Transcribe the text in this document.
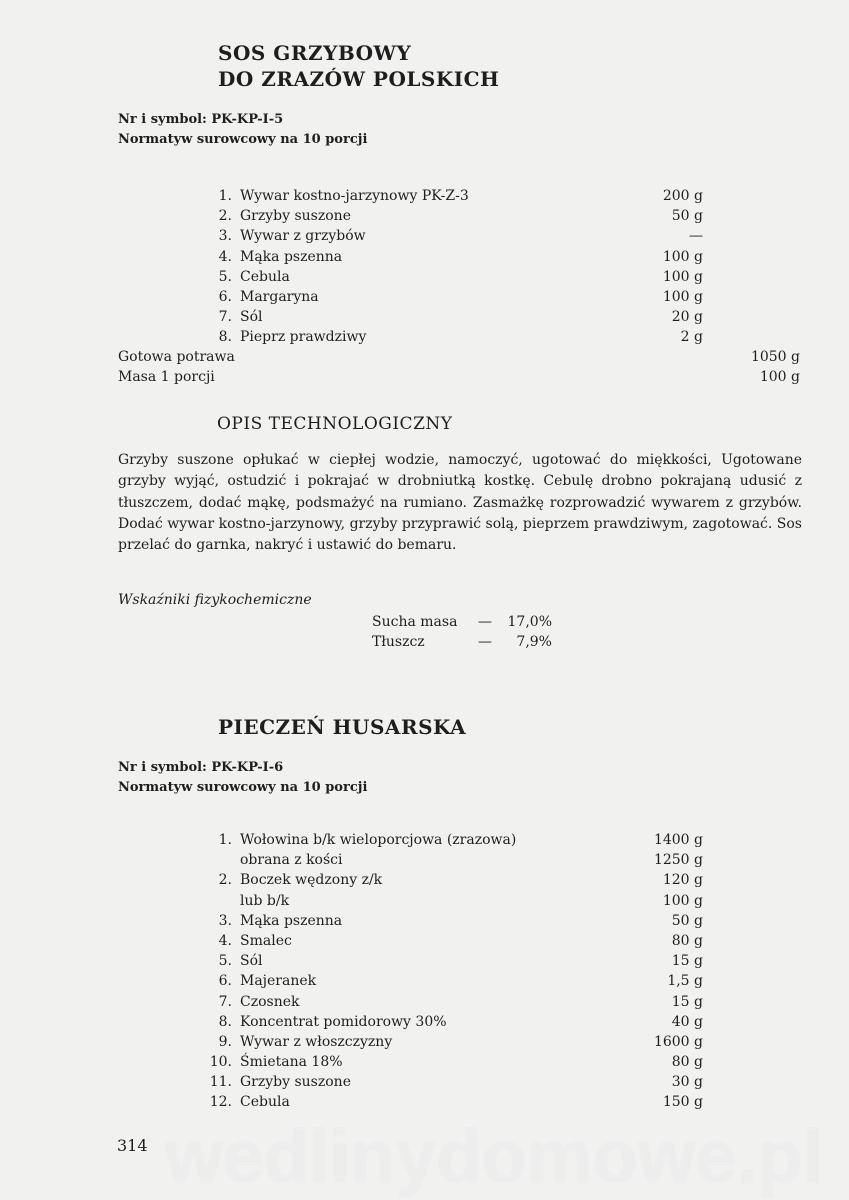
SOS GRZYBOWY
DO ZRAZÓW POLSKICH
Nr i symbol: PK-KP-I-5
Normatyw surowcowy na 10 porcji
1. Wywar kostno-jarzynowy PK-Z-3	200 g
2. Grzyby suszone	50 g
3. Wywar z grzybów	—
4. Mąka pszenna	100 g
5. Cebula	100 g
6. Margaryna	100 g
7. Sól	20 g
8. Pieprz prawdziwy	2 g
Gotowa potrawa	1050 g
Masa 1 porcji	100 g
OPIS TECHNOLOGICZNY
Grzyby suszone opłukać w ciepłej wodzie, namoczyć, ugotować do miękkości, Ugotowane grzyby wyjąć, ostudzić i pokrajać w drobniutką kostkę. Cebulę drobno pokrajaną udusić z tłuszczem, dodać mąkę, podsmażyć na rumiano. Zasmażkę rozprowadzić wywarem z grzybów. Dodać wywar kostno-jarzynowy, grzyby przyprawić solą, pieprzem prawdziwym, zagotować. Sos przelać do garnka, nakryć i ustawić do bemaru.
Wskaźniki fizykochemiczne
Sucha masa — 17,0%
Tłuszcz	— 7,9%
PIECZEŃ HUSARSKA
Nr i symbol: PK-KP-I-6
Normatyw surowcowy na 10 porcji
1. Wołowina b/k wieloporcjowa (zrazowa)	1400 g
obrana z kości	1250 g
2. Boczek wędzony z/k	120 g
lub b/k	100 g
3. Mąka pszenna	50 g
4. Smalec	80 g
5. Sól	15 g
6. Majeranek	1,5 g
7. Czosnek	15 g
8. Koncentrat pomidorowy 30%	40 g
9. Wywar z włoszczyzny	1600 g
10. Śmietana 18%	80 g
11. Grzyby suszone	30 g
12. Cebula	150 g
wedlinydomowe.pl
314
